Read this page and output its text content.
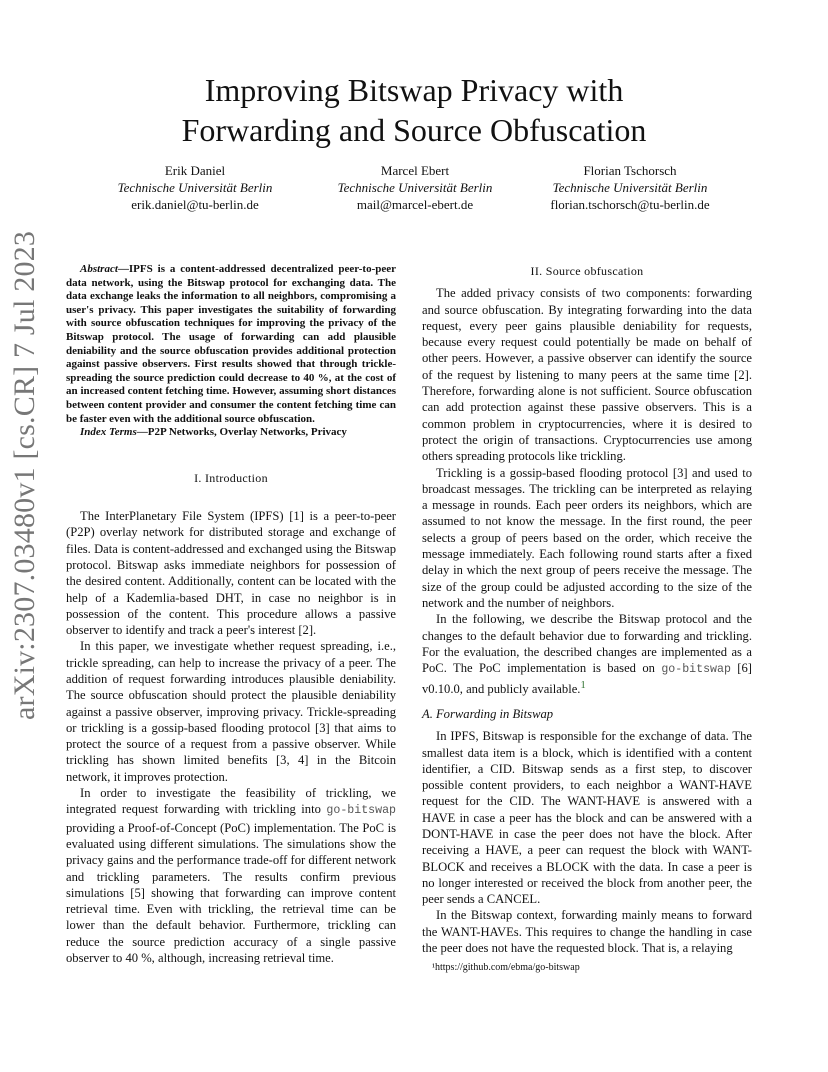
Improving Bitswap Privacy with
Forwarding and Source Obfuscation
Erik Daniel
Technische Universität Berlin
erik.daniel@tu-berlin.de
Marcel Ebert
Technische Universität Berlin
mail@marcel-ebert.de
Florian Tschorsch
Technische Universität Berlin
florian.tschorsch@tu-berlin.de
arXiv:2307.03480v1 [cs.CR] 7 Jul 2023	Abstract—IPFS is a content-addressed decentralized peer-to-peer data network, using the Bitswap protocol for exchanging data. The data exchange leaks the information to all neighbors, compromising a user's privacy. This paper investigates the suitability of forwarding with source obfuscation techniques for improving the privacy of the Bitswap protocol. The usage of forwarding can add plausible deniability and the source obfuscation provides additional protection against passive observers. First results showed that through trickle-spreading the source prediction could decrease to 40 %, at the cost of an increased content fetching time. However, assuming short distances between content provider and consumer the content fetching time can be faster even with the additional source obfuscation.
Index Terms—P2P Networks, Overlay Networks, Privacy
I. Introduction

The InterPlanetary File System (IPFS) [1] is a peer-to-peer (P2P) overlay network for distributed storage and exchange of files. Data is content-addressed and exchanged using the Bitswap protocol. Bitswap asks immediate neighbors for possession of the desired content. Additionally, content can be located with the help of a Kademlia-based DHT, in case no neighbor is in possession of the content. This procedure allows a passive observer to identify and track a peer's interest [2].

In this paper, we investigate whether request spreading, i.e., trickle spreading, can help to increase the privacy of a peer. The addition of request forwarding introduces plausible deniability. The source obfuscation should protect the plausible deniability against a passive observer, improving privacy. Trickle-spreading or trickling is a gossip-based flooding protocol [3] that aims to protect the source of a request from a passive observer. While trickling has shown limited benefits [3, 4] in the Bitcoin network, it improves protection.

In order to investigate the feasibility of trickling, we integrated request forwarding with trickling into go-bitswap providing a Proof-of-Concept (PoC) implementation. The PoC is evaluated using different simulations. The simulations show the privacy gains and the performance trade-off for different network and trickling parameters. The results confirm previous simulations [5] showing that forwarding can improve content retrieval time. Even with trickling, the retrieval time can be lower than the default behavior. Furthermore, trickling can reduce the source prediction accuracy of a single passive observer to 40 %, although, increasing retrieval time.

II. Source obfuscation

The added privacy consists of two components: forwarding and source obfuscation. By integrating forwarding into the data request, every peer gains plausible deniability for requests, because every request could potentially be made on behalf of other peers. However, a passive observer can identify the source of the request by listening to many peers at the same time [2]. Therefore, forwarding alone is not sufficient. Source obfuscation can add protection against these passive observers. This is a common problem in cryptocurrencies, where it is desired to protect the origin of transactions. Cryptocurrencies use among others spreading protocols like trickling.

Trickling is a gossip-based flooding protocol [3] and used to broadcast messages. The trickling can be interpreted as relaying a message in rounds. Each peer orders its neighbors, which are assumed to not know the message. In the first round, the peer selects a group of peers based on the order, which receive the message immediately. Each following round starts after a fixed delay in which the next group of peers receive the message. The size of the group could be adjusted according to the size of the network and the number of neighbors.

In the following, we describe the Bitswap protocol and the changes to the default behavior due to forwarding and trickling. For the evaluation, the described changes are implemented as a PoC. The PoC implementation is based on go-bitswap [6] v0.10.0, and publicly available.$^1$

A. Forwarding in Bitswap

In IPFS, Bitswap is responsible for the exchange of data. The smallest data item is a block, which is identified with a content identifier, a CID. Bitswap sends as a first step, to discover possible content providers, to each neighbor a WANT-HAVE request for the CID. The WANT-HAVE is answered with a HAVE in case a peer has the block and can be answered with a DONT-HAVE in case the peer does not have the block. After receiving a HAVE, a peer can request the block with WANT-BLOCK and receives a BLOCK with the data. In case a peer is no longer interested or received the block from another peer, the peer sends a CANCEL.

In the Bitswap context, forwarding mainly means to forward the WANT-HAVEs. This requires to change the handling in case the peer does not have the requested block. That is, a relaying

¹https://github.com/ebma/go-bitswap
